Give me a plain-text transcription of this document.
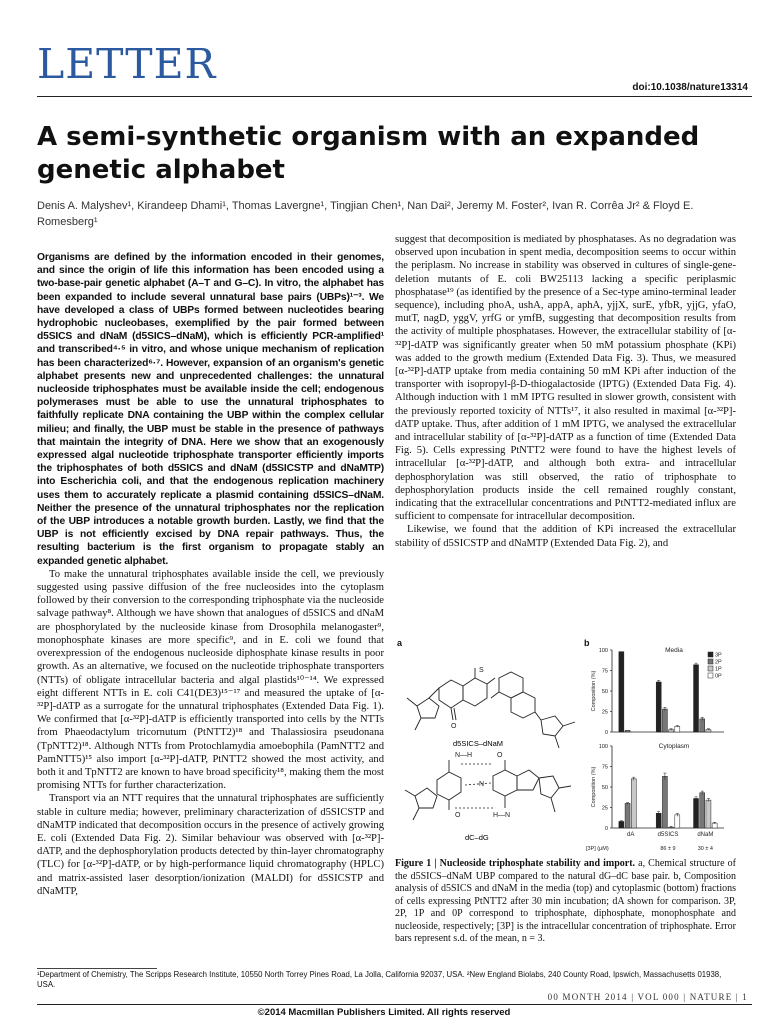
LETTER	doi:10.1038/nature13314
A semi-synthetic organism with an expanded genetic alphabet
Denis A. Malyshev¹, Kirandeep Dhami¹, Thomas Lavergne¹, Tingjian Chen¹, Nan Dai², Jeremy M. Foster², Ivan R. Corrêa Jr² & Floyd E. Romesberg¹

Organisms are defined by the information encoded in their genomes, and since the origin of life this information has been encoded using a two-base-pair genetic alphabet (A–T and G–C). In vitro, the alphabet has been expanded to include several unnatural base pairs (UBPs)¹⁻³. We have developed a class of UBPs formed between nucleotides bearing hydrophobic nucleobases, exemplified by the pair formed between d5SICS and dNaM (d5SICS–dNaM), which is efficiently PCR-amplified¹ and transcribed⁴·⁵ in vitro, and whose unique mechanism of replication has been characterized⁶·⁷. However, expansion of an organism's genetic alphabet presents new and unprecedented challenges: the unnatural nucleoside triphosphates must be available inside the cell; endogenous polymerases must be able to use the unnatural triphosphates to faithfully replicate DNA containing the UBP within the complex cellular milieu; and finally, the UBP must be stable in the presence of pathways that maintain the integrity of DNA. Here we show that an exogenously expressed algal nucleotide triphosphate transporter efficiently imports the triphosphates of both d5SICS and dNaM (d5SICSTP and dNaMTP) into Escherichia coli, and that the endogenous replication machinery uses them to accurately replicate a plasmid containing d5SICS–dNaM. Neither the presence of the unnatural triphosphates nor the replication of the UBP introduces a notable growth burden. Lastly, we find that the UBP is not efficiently excised by DNA repair pathways. Thus, the resulting bacterium is the first organism to propagate stably an expanded genetic alphabet.

To make the unnatural triphosphates available inside the cell, we previously suggested using passive diffusion of the free nucleosides into the cytoplasm followed by their conversion to the corresponding triphosphate via the nucleoside salvage pathway⁸. Although we have shown that analogues of d5SICS and dNaM are phosphorylated by the nucleoside kinase from Drosophila melanogaster⁹, monophosphate kinases are more specific⁹, and in E. coli we found that overexpression of the endogenous nucleoside diphosphate kinase results in poor growth. As an alternative, we focused on the nucleotide triphosphate transporters (NTTs) of obligate intracellular bacteria and algal plastids¹⁰⁻¹⁴. We expressed eight different NTTs in E. coli C41(DE3)¹⁵⁻¹⁷ and measured the uptake of [α-³²P]-dATP as a surrogate for the unnatural triphosphates (Extended Data Fig. 1). We confirmed that [α-³²P]-dATP is efficiently transported into cells by the NTTs from Phaeodactylum tricornutum (PtNTT2)¹⁸ and Thalassiosira pseudonana (TpNTT2)¹⁸. Although NTTs from Protochlamydia amoebophila (PamNTT2 and PamNTT5)¹⁵ also import [α-³²P]-dATP, PtNTT2 showed the most activity, and both it and TpNTT2 are known to have broad specificity¹⁸, making them the most promising NTTs for further characterization.

Transport via an NTT requires that the unnatural triphosphates are sufficiently stable in culture media; however, preliminary characterization of d5SICSTP and dNaMTP indicated that decomposition occurs in the presence of actively growing E. coli (Extended Data Fig. 2). Similar behaviour was observed with [α-³²P]-dATP, and the dephosphorylation products detected by thin-layer chromatography (TLC) for [α-³²P]-dATP, or by high-performance liquid chromatography (HPLC) and matrix-assisted laser desorption/ionization (MALDI) for d5SICSTP and dNaMTP,

suggest that decomposition is mediated by phosphatases. As no degradation was observed upon incubation in spent media, decomposition seems to occur within the periplasm. No increase in stability was observed in cultures of single-gene-deletion mutants of E. coli BW25113 lacking a specific periplasmic phosphatase¹⁹ (as identified by the presence of a Sec-type amino-terminal leader sequence), including phoA, ushA, appA, aphA, yjjX, surE, yfbR, yjjG, yfaO, mutT, nagD, yggV, yrfG or ymfB, suggesting that decomposition results from the activity of multiple phosphatases. However, the extracellular stability of [α-³²P]-dATP was significantly greater when 50 mM potassium phosphate (KPi) was added to the growth medium (Extended Data Fig. 3). Thus, we measured [α-³²P]-dATP uptake from media containing 50 mM KPi after induction of the transporter with isopropyl-β-D-thiogalactoside (IPTG) (Extended Data Fig. 4). Although induction with 1 mM IPTG resulted in slower growth, consistent with the previously reported toxicity of NTTs¹⁷, it also resulted in maximal [α-³²P]-dATP uptake. Thus, after addition of 1 mM IPTG, we analysed the extracellular and intracellular stability of [α-³²P]-dATP as a function of time (Extended Data Fig. 5). Cells expressing PtNTT2 were found to have the highest levels of intracellular [α-³²P]-dATP, and although both extra- and intracellular dephosphorylation was still observed, the ratio of triphosphate to dephosphorylation products inside the cell remained roughly constant, indicating that the extracellular concentrations and PtNTT2-mediated influx are sufficient to compensate for intracellular decomposition.

Likewise, we found that the addition of KPi increased the extracellular stability of d5SICSTP and dNaMTP (Extended Data Fig. 2), and

a	b
S
O
N—H	O
N
O	H—N
d5SICS–dNaM
dC–dG
0
25
50
75
100
Composition (%)
Media
0
25
50
75
100
Composition (%)
Cytoplasm
dA	d5SICS	dNaM
3P
2P
1P
0P
[3P] (μM)	86 ± 9	30 ± 4
Figure 1 | Nucleoside triphosphate stability and import. a, Chemical structure of the d5SICS–dNaM UBP compared to the natural dG–dC base pair. b, Composition analysis of d5SICS and dNaM in the media (top) and cytoplasmic (bottom) fractions of cells expressing PtNTT2 after 30 min incubation; dA shown for comparison. 3P, 2P, 1P and 0P correspond to triphosphate, diphosphate, monophosphate and nucleoside, respectively; [3P] is the intracellular concentration of triphosphate. Error bars represent s.d. of the mean, n = 3.
¹Department of Chemistry, The Scripps Research Institute, 10550 North Torrey Pines Road, La Jolla, California 92037, USA. ²New England Biolabs, 240 County Road, Ipswich, Massachusetts 01938, USA.
00 MONTH 2014 | VOL 000 | NATURE | 1
©2014 Macmillan Publishers Limited. All rights reserved
